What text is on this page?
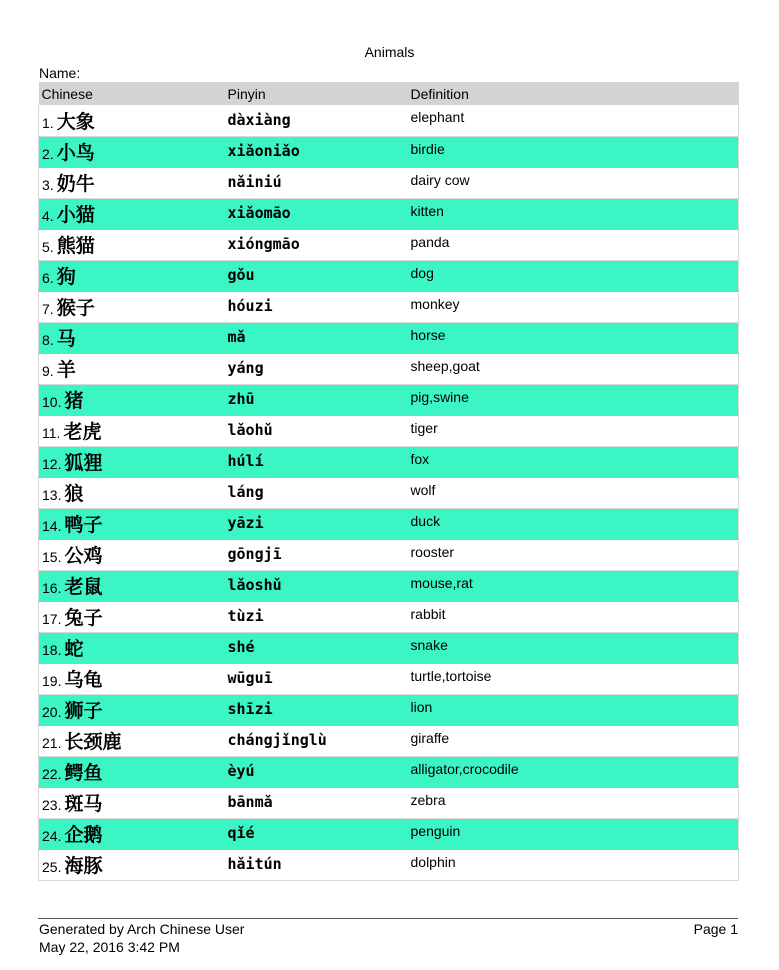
Animals
Name:
Chinese	Pinyin	Definition
1. 大象	dàxiàng	elephant
2. 小鸟	xiǎoniǎo	birdie
3. 奶牛	nǎiniú	dairy cow
4. 小猫	xiǎomāo	kitten
5. 熊猫	xióngmāo	panda
6. 狗	gǒu	dog
7. 猴子	hóuzi	monkey
8. 马	mǎ	horse
9. 羊	yáng	sheep,goat
10. 猪	zhū	pig,swine
11. 老虎	lǎohǔ	tiger
12. 狐狸	húlí	fox
13. 狼	láng	wolf
14. 鸭子	yāzi	duck
15. 公鸡	gōngjī	rooster
16. 老鼠	lǎoshǔ	mouse,rat
17. 兔子	tùzi	rabbit
18. 蛇	shé	snake
19. 乌龟	wūguī	turtle,tortoise
20. 狮子	shīzi	lion
21. 长颈鹿	chángjǐnglù	giraffe
22. 鳄鱼	èyú	alligator,crocodile
23. 斑马	bānmǎ	zebra
24. 企鹅	qǐé	penguin
25. 海豚	hǎitún	dolphin
Generated by Arch Chinese User
May 22, 2016 3:42 PM
Page 1
